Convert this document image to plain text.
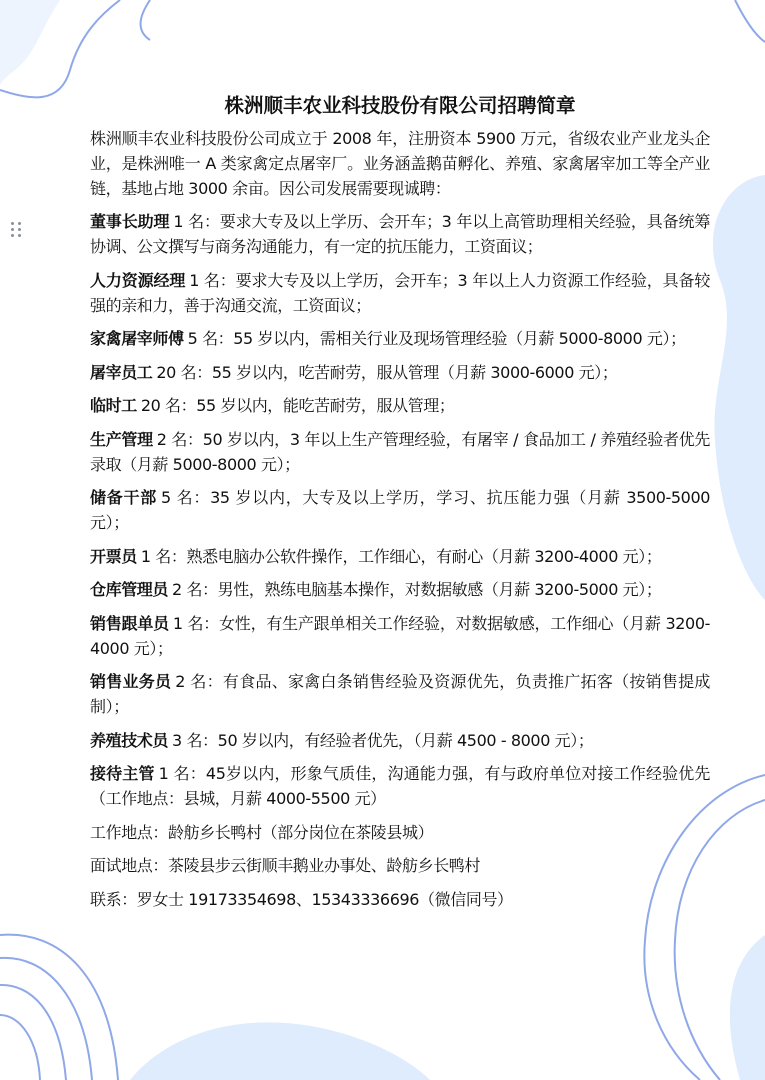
株洲顺丰农业科技股份有限公司招聘简章
株洲顺丰农业科技股份公司成立于 2008 年，注册资本 5900 万元，省级农业产业龙头企业，是株洲唯一 A 类家禽定点屠宰厂。业务涵盖鹅苗孵化、养殖、家禽屠宰加工等全产业链，基地占地 3000 余亩。因公司发展需要现诚聘：
董事长助理 1 名：要求大专及以上学历、会开车；3 年以上高管助理相关经验，具备统筹协调、公文撰写与商务沟通能力，有一定的抗压能力，工资面议；
人力资源经理 1 名：要求大专及以上学历，会开车；3 年以上人力资源工作经验，具备较强的亲和力，善于沟通交流，工资面议；
家禽屠宰师傅 5 名：55 岁以内，需相关行业及现场管理经验（月薪 5000-8000 元）；
屠宰员工 20 名：55 岁以内，吃苦耐劳，服从管理（月薪 3000-6000 元）；
临时工 20 名：55 岁以内，能吃苦耐劳，服从管理；
生产管理 2 名：50 岁以内，3 年以上生产管理经验，有屠宰 / 食品加工 / 养殖经验者优先录取（月薪 5000-8000 元）；
储备干部 5 名：35 岁以内，大专及以上学历，学习、抗压能力强（月薪 3500-5000 元）；
开票员 1 名：熟悉电脑办公软件操作，工作细心，有耐心（月薪 3200-4000 元）；
仓库管理员 2 名：男性，熟练电脑基本操作，对数据敏感（月薪 3200-5000 元）；
销售跟单员 1 名：女性，有生产跟单相关工作经验，对数据敏感，工作细心（月薪 3200-4000 元）；
销售业务员 2 名：有食品、家禽白条销售经验及资源优先，负责推广拓客（按销售提成制）；
养殖技术员 3 名：50 岁以内，有经验者优先，（月薪 4500 - 8000 元）；
接待主管 1 名：45岁以内，形象气质佳，沟通能力强，有与政府单位对接工作经验优先（工作地点：县城，月薪 4000-5500 元）
工作地点：龄舫乡长鸭村（部分岗位在茶陵县城）
面试地点：茶陵县步云街顺丰鹅业办事处、龄舫乡长鸭村
联系：罗女士 19173354698、15343336696（微信同号）
